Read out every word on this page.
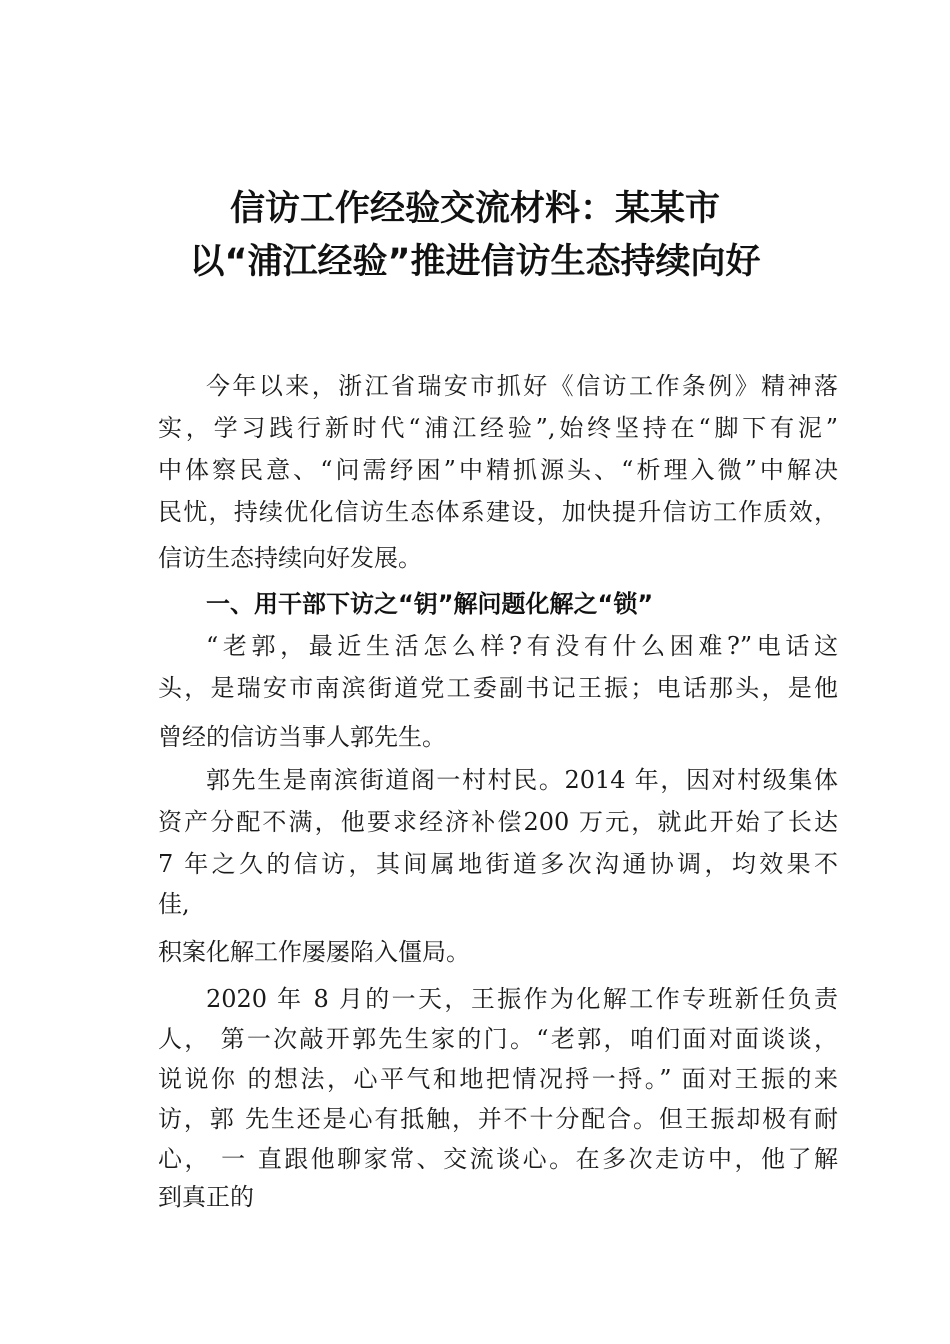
信访工作经验交流材料：某某市
以“浦江经验”推进信访生态持续向好

今年以来，浙江省瑞安市抓好《信访工作条例》精神落

实，学习践行新时代“浦江经验”,始终坚持在“脚下有泥”

中体察民意、“问需纾困”中精抓源头、“析理入微”中解决

民忧，持续优化信访生态体系建设，加快提升信访工作质效，

信访生态持续向好发展。

一、用干部下访之“钥”解问题化解之“锁”

“老郭，最近生活怎么样?有没有什么困难?”电话这

头，是瑞安市南滨街道党工委副书记王振；电话那头，是他

曾经的信访当事人郭先生。

郭先生是南滨街道阁一村村民。2014 年，因对村级集体

资产分配不满，他要求经济补偿200 万元，就此开始了长达

7 年之久的信访，其间属地街道多次沟通协调，均效果不

佳,

积案化解工作屡屡陷入僵局。

2020 年 8 月的一天，王振作为化解工作专班新任负责

人， 第一次敲开郭先生家的门。“老郭，咱们面对面谈谈，

说说你 的想法，心平气和地把情况捋一捋。” 面对王振的来

访，郭 先生还是心有抵触，并不十分配合。但王振却极有耐

心， 一 直跟他聊家常、交流谈心。在多次走访中，他了解

到真正的
